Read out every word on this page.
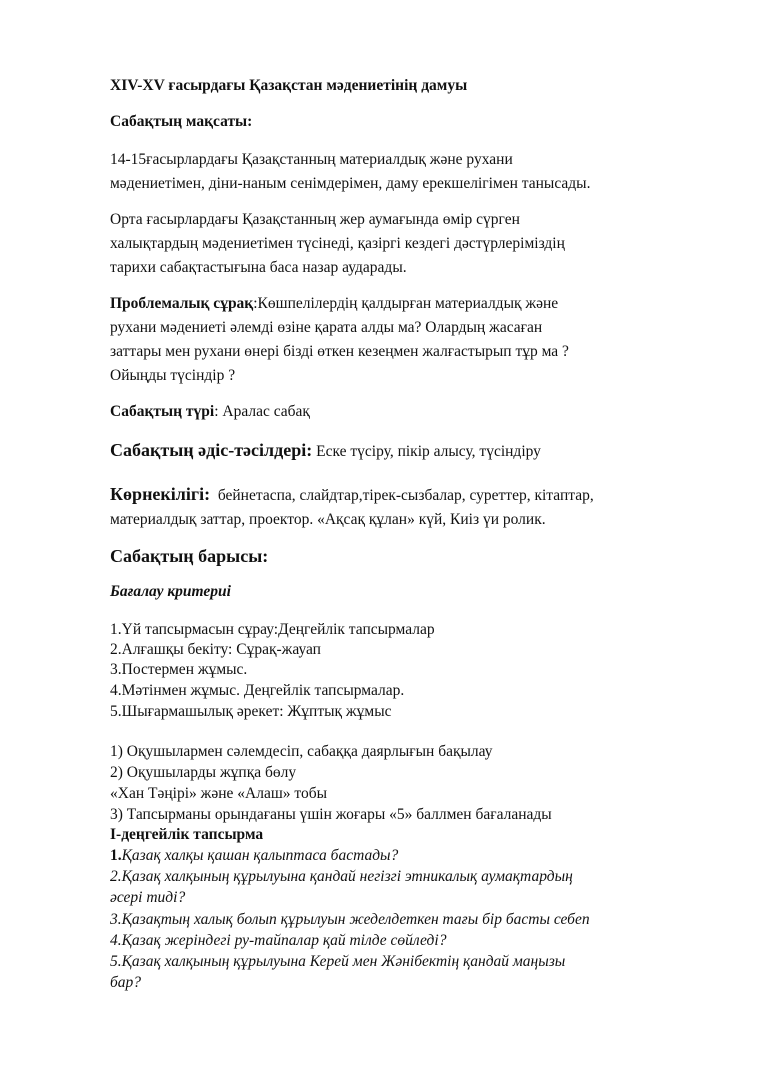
XIV-XV ғасырдағы Қазақстан мәдениетінің дамуы
Сабақтың мақсаты:
14-15ғасырлардағы Қазақстанның материалдық және рухани
мәдениетімен, діни-наным сенімдерімен, даму ерекшелігімен танысады.
Орта ғасырлардағы Қазақстанның жер аумағында өмір сүрген
халықтардың мәдениетімен түсінеді, қазіргі кездегі дәстүрлеріміздің
тарихи сабақтастығына баса назар аударады.
Проблемалық сұрақ:Көшпелілердің қалдырған материалдық және
рухани мәдениеті әлемді өзіне қарата алды ма? Олардың жасаған
заттары мен рухани өнері бізді өткен кезеңмен жалғастырып тұр ма ?
Ойыңды түсіндір ?
Сабақтың түрі: Аралас сабақ
Сабақтың әдіс-тәсілдері: Еске түсіру, пікір алысу, түсіндіру
Көрнекілігі: бейнетаспа, слайдтар,тірек-сызбалар, суреттер, кітаптар,
материалдық заттар, проектор. «Ақсақ құлан» күй, Киіз үи ролик.
Сабақтың барысы:
Бағалау критериі
1.Үй тапсырмасын сұрау:Деңгейлік тапсырмалар
2.Алғашқы бекіту: Сұрақ-жауап
3.Постермен жұмыс.
4.Мәтінмен жұмыс. Деңгейлік тапсырмалар.
5.Шығармашылық әрекет: Жұптық жұмыс
1) Оқушылармен сәлемдесіп, сабаққа даярлығын бақылау
2) Оқушыларды жұпқа бөлу
«Хан Тәңірі» және «Алаш» тобы
3) Тапсырманы орындағаны үшін жоғары «5» баллмен бағаланады
I-деңгейлік тапсырма
1.Қазақ халқы қашан қалыптаса бастады?
2.Қазақ халқының құрылуына қандай негізгі этникалық аумақтардың
әсері тиді?
3.Қазақтың халық болып құрылуын жеделдеткен тағы бір басты себеп
4.Қазақ жеріндегі ру-тайпалар қай тілде сөйледі?
5.Қазақ халқының құрылуына Керей мен Жәнібектің қандай маңызы
бар?
